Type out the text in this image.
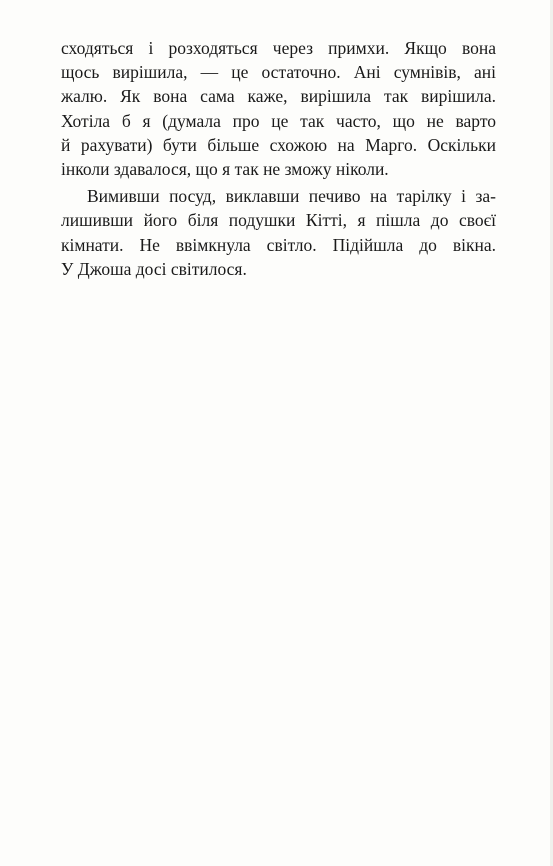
сходяться і розходяться через примхи. Якщо вона
щось вирішила, — це остаточно. Ані сумнівів, ані
жалю. Як вона сама каже, вирішила так вирішила.
Хотіла б я (думала про це так часто, що не варто
й рахувати) бути більше схожою на Марго. Оскільки
інколи здавалося, що я так не зможу ніколи.
Вимивши посуд, виклавши печиво на тарілку і за-
лишивши його біля подушки Кітті, я пішла до своєї
кімнати. Не ввімкнула світло. Підійшла до вікна.
У Джоша досі світилося.
